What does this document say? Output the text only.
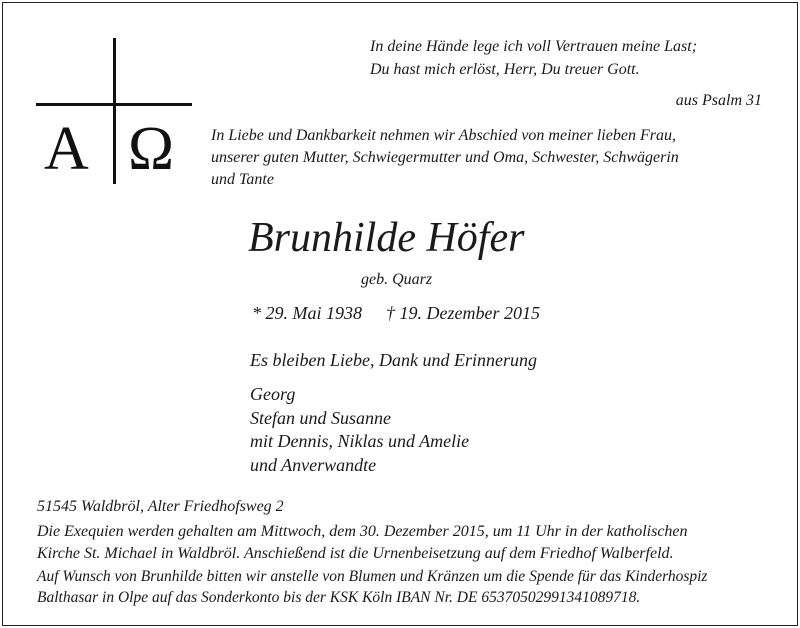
A Ω
In deine Hände lege ich voll Vertrauen meine Last;
Du hast mich erlöst, Herr, Du treuer Gott.
aus Psalm 31
In Liebe und Dankbarkeit nehmen wir Abschied von meiner lieben Frau,
unserer guten Mutter, Schwiegermutter und Oma, Schwester, Schwägerin
und Tante
Brunhilde Höfer
geb. Quarz
* 29. Mai 1938 † 19. Dezember 2015
Es bleiben Liebe, Dank und Erinnerung
Georg
Stefan und Susanne
mit Dennis, Niklas und Amelie
und Anverwandte
51545 Waldbröl, Alter Friedhofsweg 2
Die Exequien werden gehalten am Mittwoch, dem 30. Dezember 2015, um 11 Uhr in der katholischen
Kirche St. Michael in Waldbröl. Anschießend ist die Urnenbeisetzung auf dem Friedhof Walberfeld.
Auf Wunsch von Brunhilde bitten wir anstelle von Blumen und Kränzen um die Spende für das Kinderhospiz
Balthasar in Olpe auf das Sonderkonto bis der KSK Köln IBAN Nr. DE 65370502991341089718.
